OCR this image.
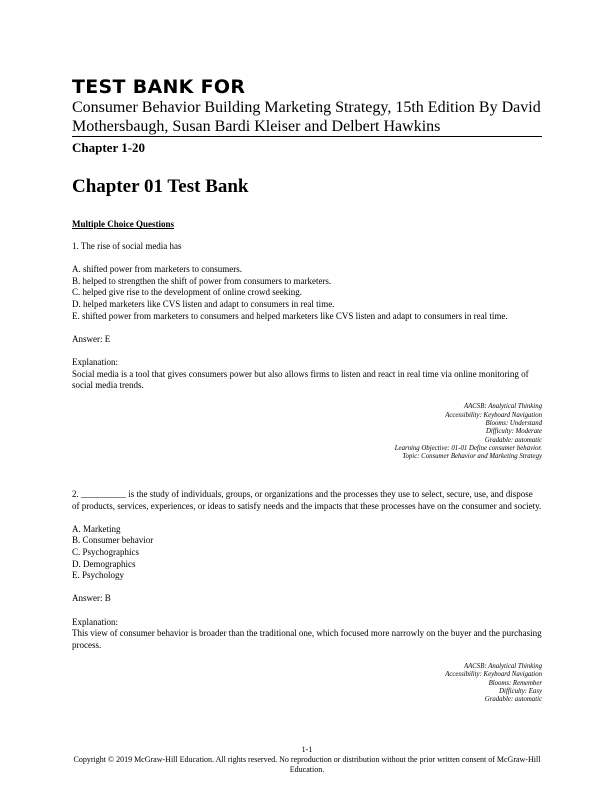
TEST BANK FOR
Consumer Behavior Building Marketing Strategy, 15th Edition By David Mothersbaugh, Susan Bardi Kleiser and Delbert Hawkins
Chapter 1-20
Chapter 01 Test Bank
Multiple Choice Questions

1. The rise of social media has

A. shifted power from marketers to consumers.

B. helped to strengthen the shift of power from consumers to marketers.

C. helped give rise to the development of online crowd seeking.

D. helped marketers like CVS listen and adapt to consumers in real time.

E. shifted power from marketers to consumers and helped marketers like CVS listen and adapt to consumers in real time.

Answer: E

Explanation:

Social media is a tool that gives consumers power but also allows firms to listen and react in real time via online monitoring of social media trends.

AACSB: Analytical Thinking

Accessibility: Keyboard Navigation

Blooms: Understand

Difficulty: Moderate

Gradable: automatic

Learning Objective: 01-01 Define consumer behavior.

Topic: Consumer Behavior and Marketing Strategy

2. __________ is the study of individuals, groups, or organizations and the processes they use to select, secure, use, and dispose of products, services, experiences, or ideas to satisfy needs and the impacts that these processes have on the consumer and society.

A. Marketing

B. Consumer behavior

C. Psychographics

D. Demographics

E. Psychology

Answer: B

Explanation:

This view of consumer behavior is broader than the traditional one, which focused more narrowly on the buyer and the purchasing process.

AACSB: Analytical Thinking

Accessibility: Keyboard Navigation

Blooms: Remember

Difficulty: Easy

Gradable: automatic

1-1

Copyright © 2019 McGraw-Hill Education. All rights reserved. No reproduction or distribution without the prior written consent of McGraw-Hill Education.
